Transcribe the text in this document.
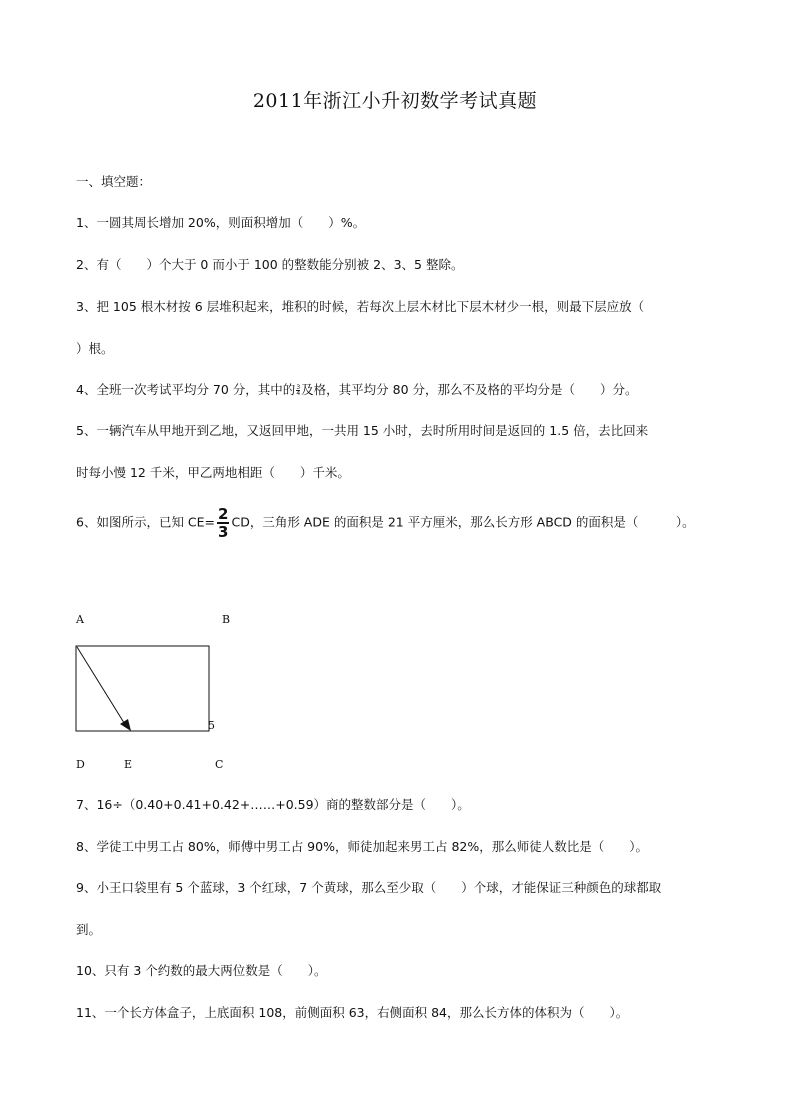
2011年浙江小升初数学考试真题
一、填空题：
1、一圆其周长增加 20%，则面积增加（　　）%。
2、有（　　）个大于 0 而小于 100 的整数能分别被 2、3、5 整除。
3、把 105 根木材按 6 层堆积起来，堆积的时候，若每次上层木材比下层木材少一根，则最下层应放（
）根。
4、全班一次考试平均分 70 分，其中的 $\frac{3}{4}$ 及格，其平均分 80 分，那么不及格的平均分是（　　）分。
5、一辆汽车从甲地开到乙地，又返回甲地，一共用 15 小时，去时所用时间是返回的 1.5 倍，去比回来
时每小慢 12 千米，甲乙两地相距（　　）千米。
6、如图所示，已知 $CE= \frac{2}{3}$ CD，三角形 ADE 的面积是 21 平方厘米，那么长方形 ABCD 的面积是（　　　）。
A	B
5
D	E	C
7、16÷（0.40+0.41+0.42+……+0.59）商的整数部分是（　　）。
8、学徒工中男工占 80%，师傅中男工占 90%，师徒加起来男工占 82%，那么师徒人数比是（　　）。
9、小王口袋里有 5 个蓝球，3 个红球，7 个黄球，那么至少取（　　）个球，才能保证三种颜色的球都取
到。
10、只有 3 个约数的最大两位数是（　　）。
11、一个长方体盒子，上底面积 108，前侧面积 63，右侧面积 84，那么长方体的体积为（　　）。
